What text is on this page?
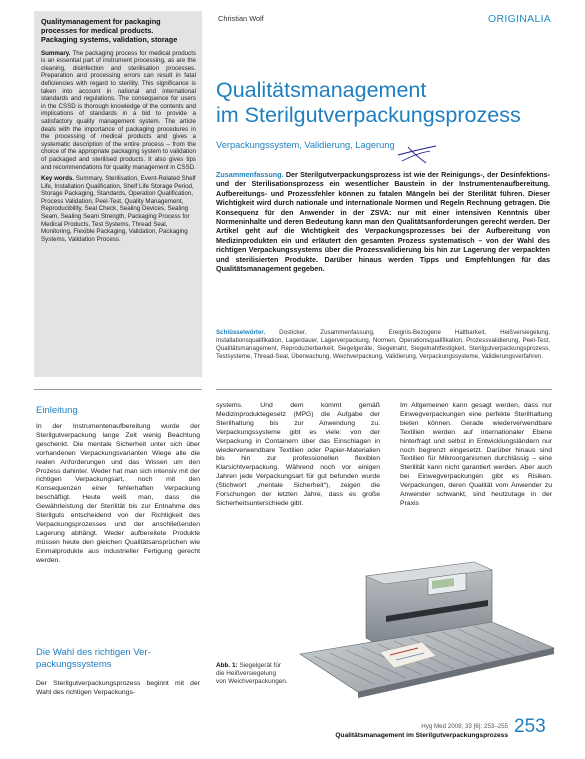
Qualitymanagement for packaging
processes for medical products.
Packaging systems, validation, storage
Summary. The packaging process for medical products is an essential part of instrument processing, as are the cleaning, disinfection and sterilisation processes. Preparation and processing errors can result in fatal deficiencies with regard to sterility. This significance is taken into account in national and international standards and regulations. The consequence for users in the CSSD is thorough knowledge of the contents and implications of standards in a bid to provide a satisfactory quality management system. The article deals with the importance of packaging procedures in the processing of medical products and gives a systematic description of the entire process – from the choice of the appropriate packaging system to validation of packaged and sterilised products. It also gives tips and recommendations for quality management in CSSD.
Key words. Summary, Sterilisation, Event-Related Shelf Life, Installation Qualification, Shelf Life Storage Period, Storage Packaging, Standards, Operation Qualification, Process Validation, Peel-Test, Quality Management, Reproducibility, Seal Check, Sealing Devices, Sealing Seam, Sealing Seam Strength, Packaging Process for Medical Products, Test Systems, Thread Seal, Monitoring, Flexible Packaging, Validation, Packaging Systems, Validation Process.
Christian Wolf	ORIGINALIA
Qualitätsmanagement
im Sterilgutverpackungsprozess
Verpackungssystem, Validierung, Lagerung
Zusammenfassung. Der Sterilgutverpackungsprozess ist wie der Reinigungs-, der Desinfektions- und der Sterilisationsprozess ein wesentlicher Baustein in der Instrumentenaufbereitung. Aufbereitungs- und Prozessfehler können zu fatalen Mängeln bei der Sterilität führen. Dieser Wichtigkeit wird durch nationale und internationale Normen und Regeln Rechnung getragen. Die Konsequenz für den Anwender in der ZSVA: nur mit einer intensiven Kenntnis über Normeninhalte und deren Bedeutung kann man den Qualitätsanforderungen gerecht werden. Der Artikel geht auf die Wichtigkeit des Verpackungsprozesses bei der Aufbereitung von Medizinprodukten ein und erläutert den gesamten Prozess systematisch – von der Wahl des richtigen Verpackungssystems über die Prozessvalidierung bis hin zur Lagerung der verpackten und sterilisierten Produkte. Darüber hinaus werden Tipps und Empfehlungen für das Qualitätsmanagement gegeben.
Schlüsselwörter. Dosticker, Zusammenfassung, Ereignis-Bezogene Haltbarkeit, Heißversiegelung, Installationsqualifikation, Lagerdauer, Lagerverpackung, Normen, Operationsqualifikation, Prozessvalidierung, Peel-Test, Qualitätsmanagement, Reproduzierbarkeit, Siegelgeräte, Siegelnaht, Siegelnahtfestigkeit, Sterilgutverpackungsprozess, Testsysteme, Thread-Seal, Überwachung, Weichverpackung, Validierung, Verpackungssysteme, Validierungsverfahren.
Einleitung
In der Instrumentenaufbereitung wurde der Sterilgutverpackung lange Zeit wenig Beachtung geschenkt. Die mentale Sicherheit unter sich über vorhandenen Verpackungsvarianten Wiege alle die realen Anforderungen und das Wissen um den Prozess dahinter. Weder hat man sich intensiv mit der richtigen Verpackungsart, noch mit den Konsequenzen einer fehlerhaften Verpackung beschäftigt. Heute weiß man, dass die Gewährleistung der Sterilität bis zur Entnahme des Sterilguts entscheidend von der Richtigkeit des Verpackungsprozesses und der anschließenden Lagerung abhängt. Weder aufbereitete Produkte müssen heute den gleichen Qualitätsansprüchen wie Einmalprodukte aus industrieller Fertigung gerecht werden.
Die Wahl des richtigen Ver-
packungssystems
Der Sterilgutverpackungsprozess beginnt mit der Wahl des richtigen Verpackungs-
systems. Und dem kommt gemäß Medizinproduktegesetz (MPG) die Aufgabe der Sterilhaltung bis zur Anwendung zu. Verpackungssysteme gibt es viele: von der Verpackung in Containern über das Einschlagen in wiederverwendbare Textilien oder Papier-Materialien bis hin zur professionellen flexiblen Klarsichtverpackung. Während noch vor einigen Jahren jede Verpackungsart für gut befunden wurde (Stichwort „mentale Sicherheit“), zeigen die Forschungen der letzten Jahre, dass es große Sicherheitsunterschiede gibt.
Im Allgemeinen kann gesagt werden, dass nur Einwegverpackungen eine perfekte Sterilhaltung bieten können. Gerade wiederverwendbare Textilien werden auf internationaler Ebene hinterfragt und selbst in Entwicklungsländern nur noch begrenzt eingesetzt. Darüber hinaus sind Textilien für Mikroorganismen durchlässig – eine Sterilität kann nicht garantiert werden. Aber auch bei Einwegverpackungen gibt es Risiken. Verpackungen, deren Qualität vom Anwender zu Anwender schwankt, sind heutzutage in der Praxis
Abb. 1: Siegelgerät für die Heißversiegelung von Weichverpackungen.
Hyg Med 2008; 33 [6]: 253–255
Qualitätsmanagement im Sterilgutverpackungsprozess 253
